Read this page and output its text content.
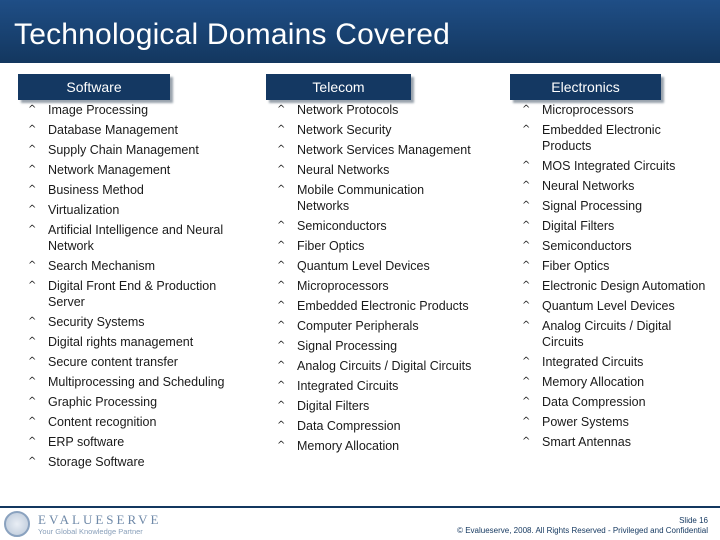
Technological Domains Covered
Software	Telecom	Electronics
^ Image Processing
^ Database Management
^ Supply Chain Management
^ Network Management
^ Business Method
^ Virtualization
^ Artificial Intelligence and Neural Network
^ Search Mechanism
^ Digital Front End & Production Server
^ Security Systems
^ Digital rights management
^ Secure content transfer
^ Multiprocessing and Scheduling
^ Graphic Processing
^ Content recognition
^ ERP software
^ Storage Software
^ Network Protocols
^ Network Security
^ Network Services Management
^ Neural Networks
^ Mobile Communication Networks
^ Semiconductors
^ Fiber Optics
^ Quantum Level Devices
^ Microprocessors
^ Embedded Electronic Products
^ Computer Peripherals
^ Signal Processing
^ Analog Circuits / Digital Circuits
^ Integrated Circuits
^ Digital Filters
^ Data Compression
^ Memory Allocation
^ Microprocessors
^ Embedded Electronic Products
^ MOS Integrated Circuits
^ Neural Networks
^ Signal Processing
^ Digital Filters
^ Semiconductors
^ Fiber Optics
^ Electronic Design Automation
^ Quantum Level Devices
^ Analog Circuits / Digital Circuits
^ Integrated Circuits
^ Memory Allocation
^ Data Compression
^ Power Systems
^ Smart Antennas
EVALUESERVE
Your Global Knowledge Partner
Slide 16
© Evalueserve, 2008. All Rights Reserved - Privileged and Confidential
